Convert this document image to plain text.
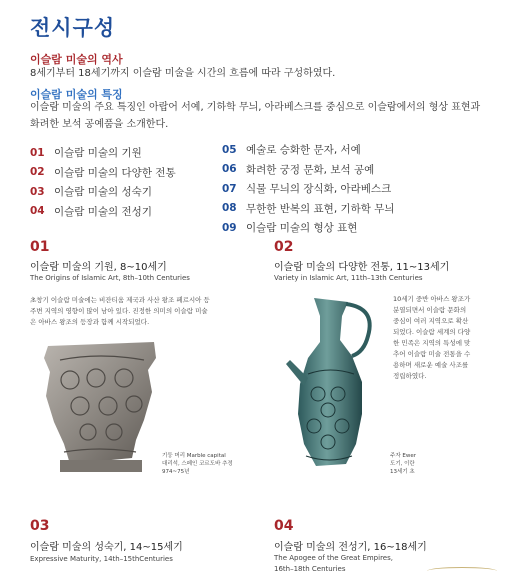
전시구성
이슬람 미술의 역사
8세기부터 18세기까지 이슬람 미술을 시간의 흐름에 따라 구성하였다.
이슬람 미술의 특징
이슬람 미술의 주요 특징인 아랍어 서예, 기하학 무늬, 아라베스크를 중심으로 이슬람에서의 형상 표현과 화려한 보석 공예품을 소개한다.
01 이슬람 미술의 기원
02 이슬람 미술의 다양한 전통
03 이슬람 미술의 성숙기
04 이슬람 미술의 전성기
05 예술로 승화한 문자, 서예
06 화려한 궁정 문화, 보석 공예
07 식물 무늬의 장식화, 아라베스크
08 무한한 반복의 표현, 기하학 무늬
09 이슬람 미술의 형상 표현
01
이슬람 미술의 기원, 8~10세기
The Origins of Islamic Art, 8th–10th Centuries
초창기 이슬람 미술에는 비잔티움 제국과 사산 왕조 페르시아 등
주변 지역의 영향이 많이 남아 있다. 진정한 의미의 이슬람 미술
은 아바스 왕조의 등장과 함께 시작되었다.
기둥 머리 Marble capital
대리석, 스페인 코르도바 추정
974~75년
02
이슬람 미술의 다양한 전통, 11~13세기
Variety in Islamic Art, 11th–13th Centuries
10세기 중반 아바스 왕조가
분열되면서 이슬람 문화의
중심이 여러 지역으로 확산
되었다. 이슬람 세계의 다양
한 민족은 지역의 특성에 맞
추어 이슬람 미술 전통을 수
용하며 새로운 예술 사조를
정립하였다.
주자 Ewer
도기, 이란
13세기 초
03
이슬람 미술의 성숙기, 14~15세기
Expressive Maturity, 14th–15thCenturies
04
이슬람 미술의 전성기, 16~18세기
The Apogee of the Great Empires,
16th–18th Centuries
